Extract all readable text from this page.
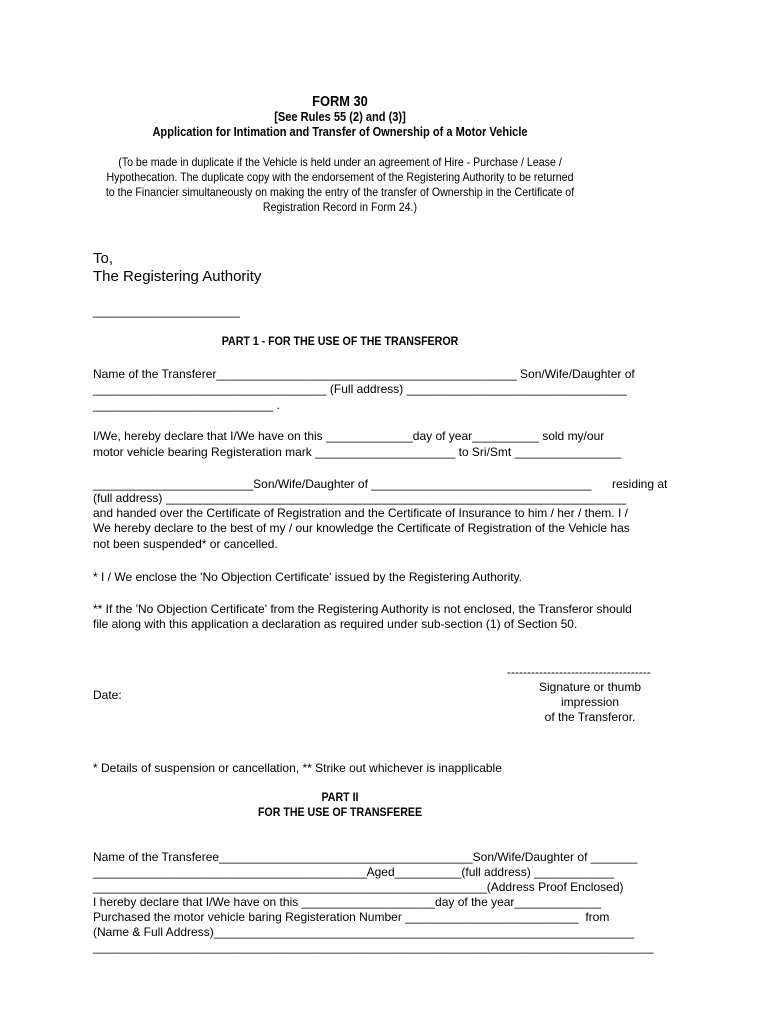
FORM 30
[See Rules 55 (2) and (3)]
Application for Intimation and Transfer of Ownership of a Motor Vehicle
(To be made in duplicate if the Vehicle is held under an agreement of Hire - Purchase / Lease /
Hypothecation. The duplicate copy with the endorsement of the Registering Authority to be returned
to the Financier simultaneously on making the entry of the transfer of Ownership in the Certificate of
Registration Record in Form 24.)
To,
The Registering Authority
______________________
PART 1 - FOR THE USE OF THE TRANSFEROR
Name of the Transferer_____________________________________________ Son/Wife/Daughter of
___________________________________ (Full address) _________________________________
___________________________ .
I/We, hereby declare that I/We have on this _____________day of year__________ sold my/our
motor vehicle bearing Registeration mark _____________________ to Sri/Smt ________________
________________________Son/Wife/Daughter of _________________________________ residing at
(full address) _____________________________________________________________________
and handed over the Certificate of Registration and the Certificate of Insurance to him / her / them. I /
We hereby declare to the best of my / our knowledge the Certificate of Registration of the Vehicle has
not been suspended* or cancelled.
* I / We enclose the 'No Objection Certificate' issued by the Registering Authority.
** If the 'No Objection Certificate' from the Registering Authority is not enclosed, the Transferor should
file along with this application a declaration as required under sub-section (1) of Section 50.
------------------------------------
Signature or thumb
impression
of the Transferor.
Date:
* Details of suspension or cancellation, ** Strike out whichever is inapplicable
PART II
FOR THE USE OF TRANSFEREE
Name of the Transferee______________________________________Son/Wife/Daughter of _______
_________________________________________Aged__________(full address) ____________
___________________________________________________________(Address Proof Enclosed)
I hereby declare that I/We have on this ____________________day of the year_____________
Purchased the motor vehicle baring Registeration Number __________________________  from
(Name & Full Address)_______________________________________________________________
____________________________________________________________________________________
